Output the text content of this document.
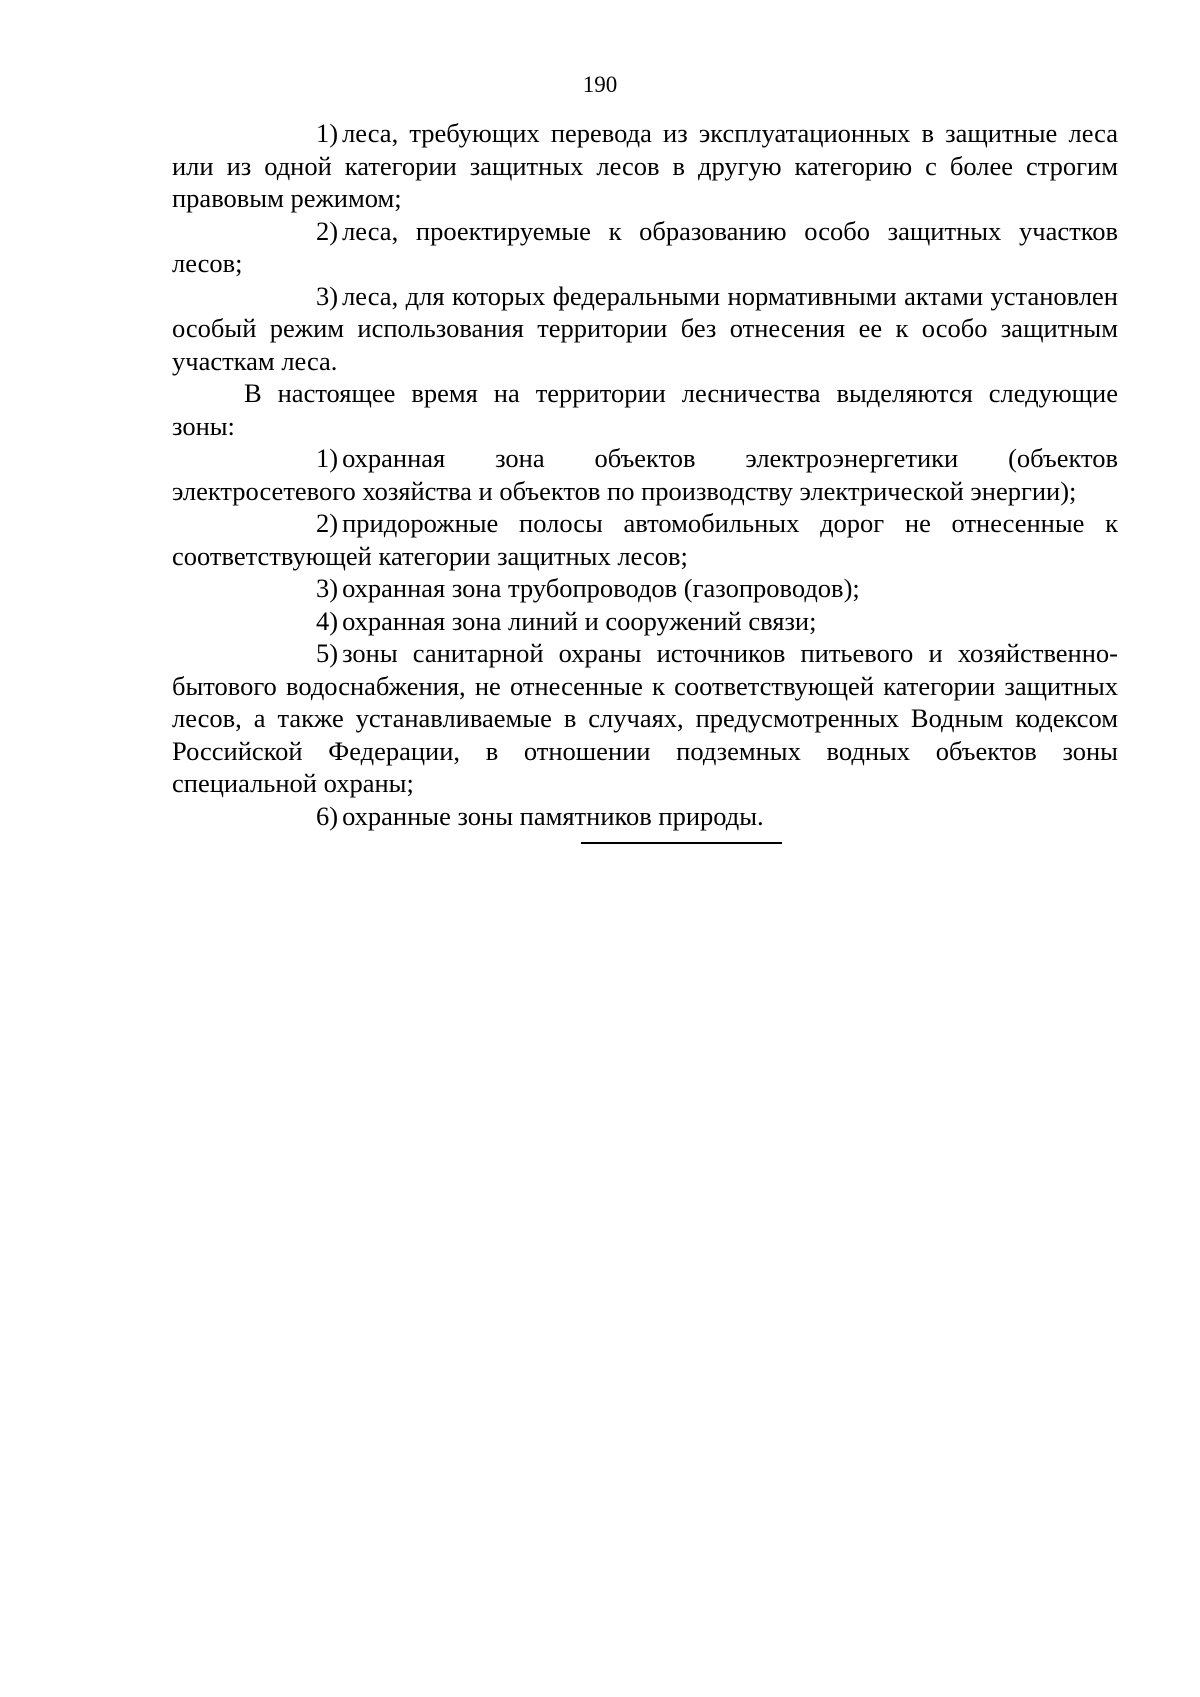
190

1) леса, требующих перевода из эксплуатационных в защитные леса или из одной категории защитных лесов в другую категорию с более строгим правовым режимом;

2) леса, проектируемые к образованию особо защитных участков лесов;

3) леса, для которых федеральными нормативными актами установлен особый режим использования территории без отнесения ее к особо защитным участкам леса.

В настоящее время на территории лесничества выделяются следующие зоны:

1) охранная зона объектов электроэнергетики (объектов электросетевого хозяйства и объектов по производству электрической энергии);

2) придорожные полосы автомобильных дорог не отнесенные к соответствующей категории защитных лесов;

3) охранная зона трубопроводов (газопроводов);

4) охранная зона линий и сооружений связи;

5) зоны санитарной охраны источников питьевого и хозяйственно-бытового водоснабжения, не отнесенные к соответствующей категории защитных лесов, а также устанавливаемые в случаях, предусмотренных Водным кодексом Российской Федерации, в отношении подземных водных объектов зоны специальной охраны;

6) охранные зоны памятников природы.
